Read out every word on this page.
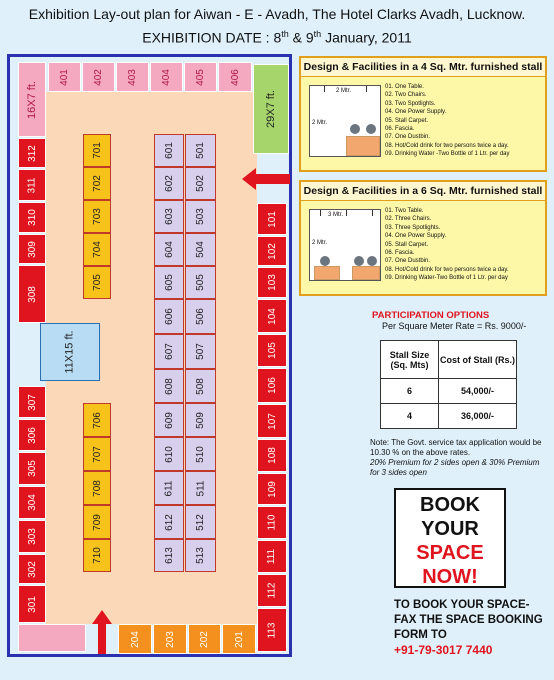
Exhibition Lay-out plan for Aiwan - E - Avadh, The Hotel Clarks Avadh, Lucknow.
EXHIBITION DATE : 8th & 9th January, 2011
401 402 403 404 405 406
16X7 ft.	29X7 ft.
312
311
310
309
308
11X15 ft.
307
306
305
304
303
302
301
701
702
703
704
705
706
707
708
709
710
601
602
603
604
605
606
607
608
609
610
611
612
613
501
502
503
504
505
506
507
508
509
510
511
512
513
101
102
103
104
105
106
107
108
109
110
111
112
113
204 203 202 201
Design & Facilities in a 4 Sq. Mtr. furnished stall
2 Mtr.
2 Mtr.
01. One Table.
02. Two Chairs.
03. Two Spotlights.
04. One Power Supply.
05. Stall Carpet.
06. Fascia.
07. One Dustbin.
08. Hot/Cold drink for two persons twice a day.
09. Drinking Water -Two Bottle of 1 Ltr. per day
Design & Facilities in a 6 Sq. Mtr. furnished stall
3 Mtr.
2 Mtr.
01. Two Table.
02. Three Chairs.
03. Three Spotlights.
04. One Power Supply.
05. Stall Carpet.
06. Fascia.
07. One Dustbin.
08. Hot/Cold drink for two persons twice a day.
09. Drinking Water-Two Bottle of 1 Ltr. per day
PARTICIPATION OPTIONS
Per Square Meter Rate = Rs. 9000/-
Stall Size (Sq. Mts)	Cost of Stall (Rs.)
6	54,000/-
4	36,000/-
Note: The Govt. service tax application would be 10.30 % on the above rates.
20% Premium for 2 sides open & 30% Premium for 3 sides open
BOOK
YOUR
SPACE
NOW!
TO BOOK YOUR SPACE-
FAX THE SPACE BOOKING
FORM TO
+91-79-3017 7440
